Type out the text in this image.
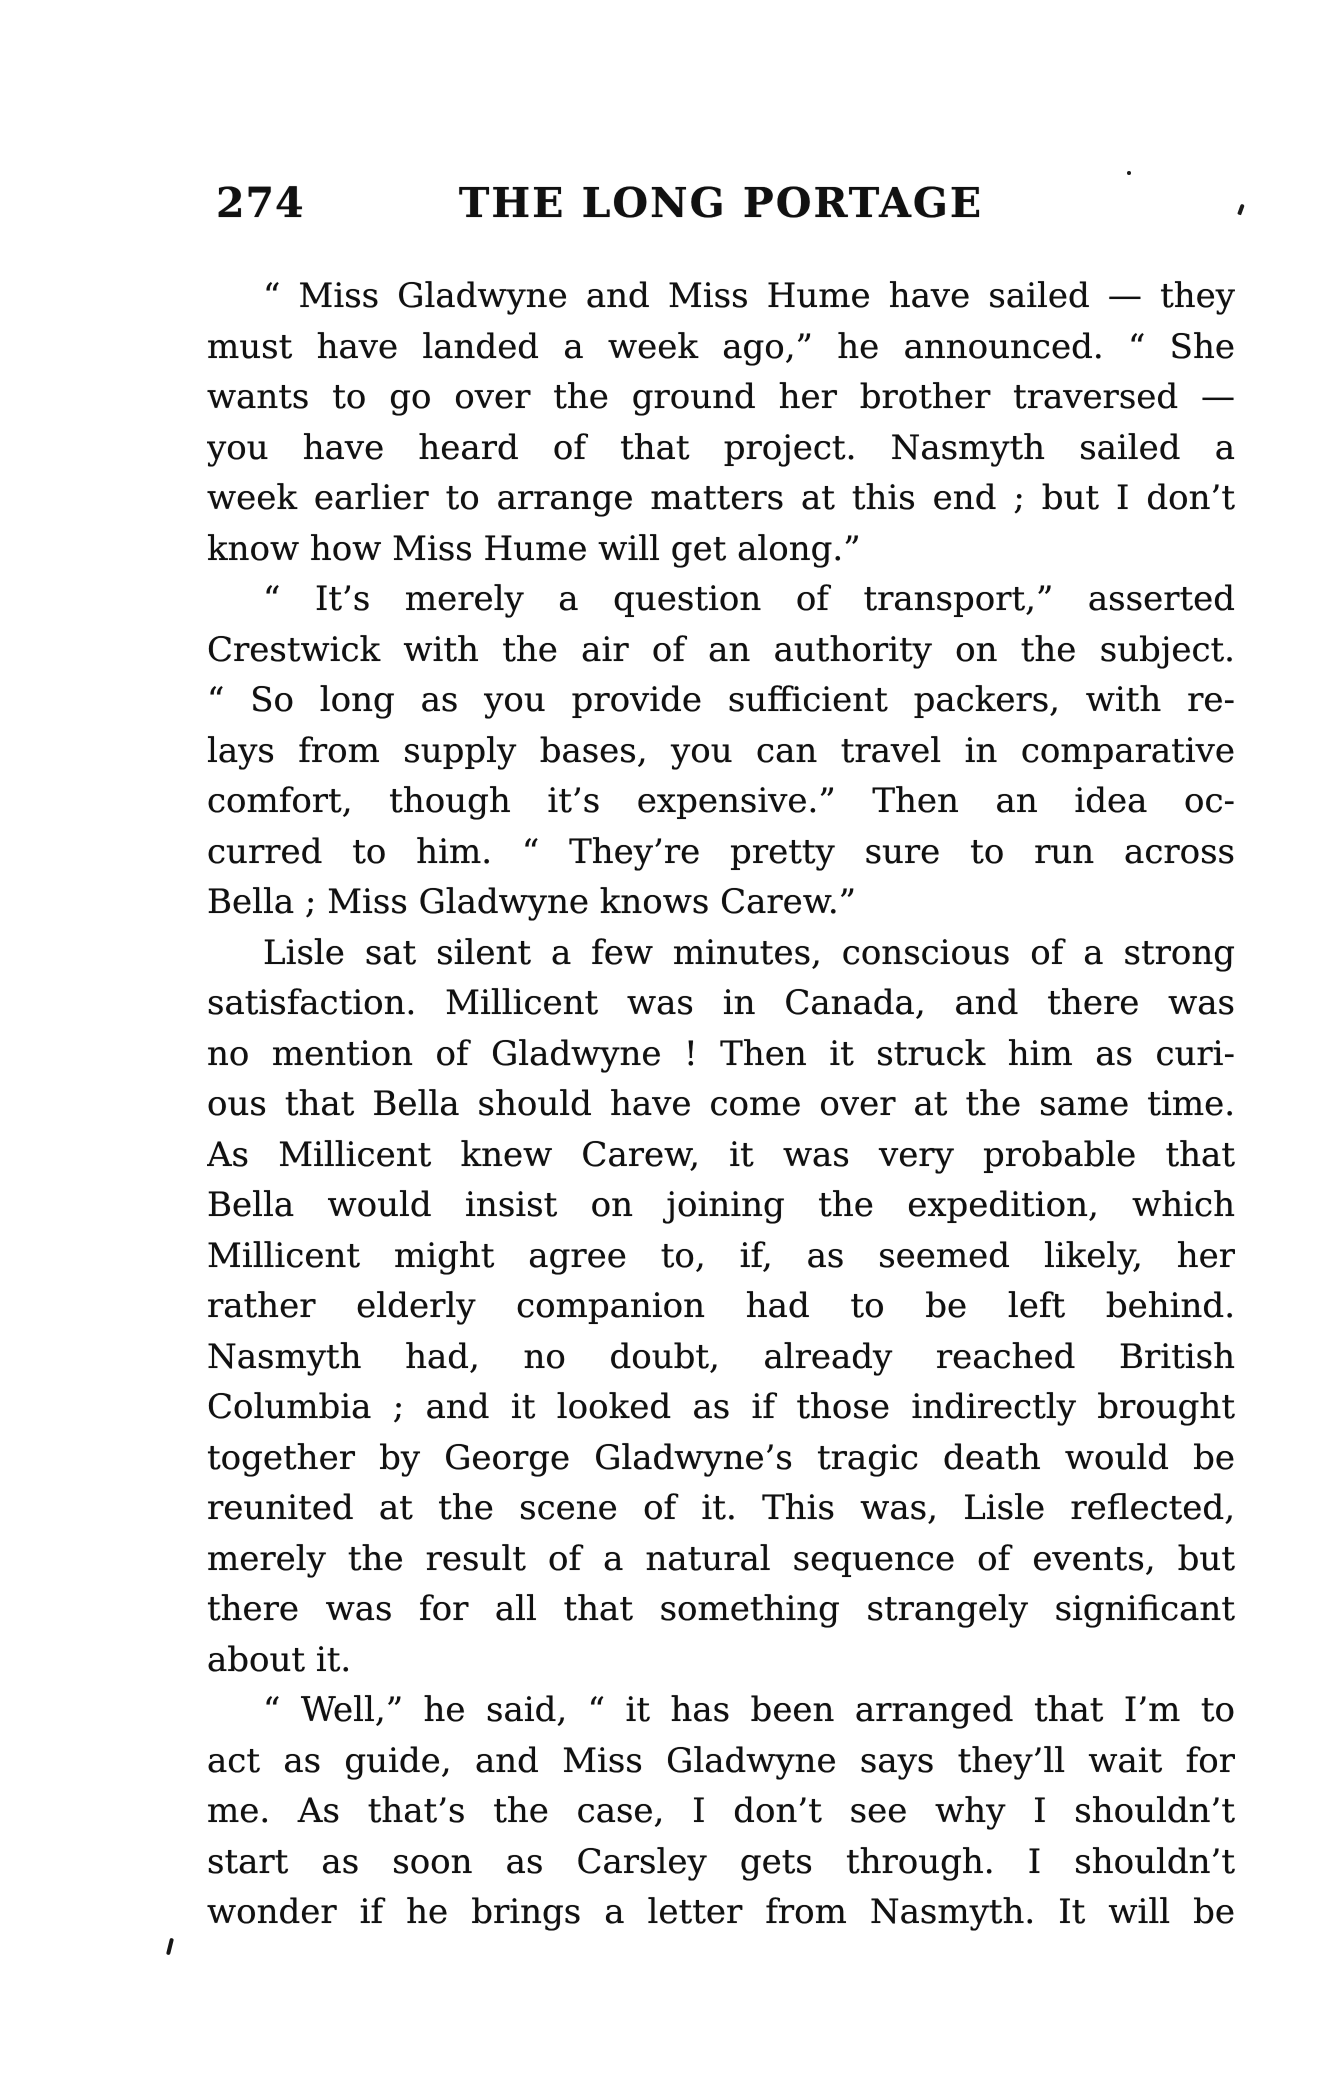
274	THE LONG PORTAGE
“ Miss Gladwyne and Miss Hume have sailed — they
must have landed a week ago,” he announced. “ She
wants to go over the ground her brother traversed —
you have heard of that project. Nasmyth sailed a
week earlier to arrange matters at this end ; but I don’t
know how Miss Hume will get along.”
“ It’s merely a question of transport,” asserted
Crestwick with the air of an authority on the subject.
“ So long as you provide sufficient packers, with re-
lays from supply bases, you can travel in comparative
comfort, though it’s expensive.” Then an idea oc-
curred to him. “ They’re pretty sure to run across
Bella ; Miss Gladwyne knows Carew.”
Lisle sat silent a few minutes, conscious of a strong
satisfaction. Millicent was in Canada, and there was
no mention of Gladwyne ! Then it struck him as curi-
ous that Bella should have come over at the same time.
As Millicent knew Carew, it was very probable that
Bella would insist on joining the expedition, which
Millicent might agree to, if, as seemed likely, her
rather elderly companion had to be left behind.
Nasmyth had, no doubt, already reached British
Columbia ; and it looked as if those indirectly brought
together by George Gladwyne’s tragic death would be
reunited at the scene of it. This was, Lisle reflected,
merely the result of a natural sequence of events, but
there was for all that something strangely significant
about it.
“ Well,” he said, “ it has been arranged that I’m to
act as guide, and Miss Gladwyne says they’ll wait for
me. As that’s the case, I don’t see why I shouldn’t
start as soon as Carsley gets through. I shouldn’t
wonder if he brings a letter from Nasmyth. It will be
